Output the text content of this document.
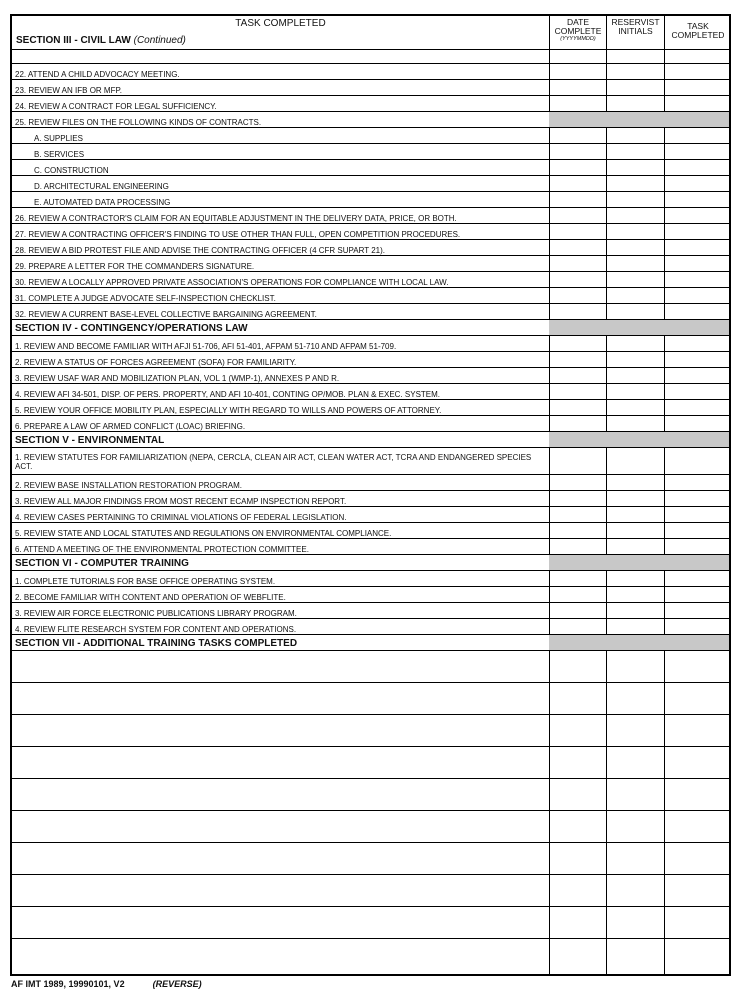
TASK COMPLETED
SECTION III - CIVIL LAW (Continued)
DATE COMPLETE
(YYYYMMDD)
RESERVIST INITIALS	TASK COMPLETED
22. ATTEND A CHILD ADVOCACY MEETING.
23. REVIEW AN IFB OR MFP.
24. REVIEW A CONTRACT FOR LEGAL SUFFICIENCY.
25. REVIEW FILES ON THE FOLLOWING KINDS OF CONTRACTS.
A. SUPPLIES
B. SERVICES
C. CONSTRUCTION
D. ARCHITECTURAL ENGINEERING
E. AUTOMATED DATA PROCESSING
26. REVIEW A CONTRACTOR'S CLAIM FOR AN EQUITABLE ADJUSTMENT IN THE DELIVERY DATA, PRICE, OR BOTH.
27. REVIEW A CONTRACTING OFFICER'S FINDING TO USE OTHER THAN FULL, OPEN COMPETITION PROCEDURES.
28. REVIEW A BID PROTEST FILE AND ADVISE THE CONTRACTING OFFICER (4 CFR SUPART 21).
29. PREPARE A LETTER FOR THE COMMANDERS SIGNATURE.
30. REVIEW A LOCALLY APPROVED PRIVATE ASSOCIATION'S OPERATIONS FOR COMPLIANCE WITH LOCAL LAW.
31. COMPLETE A JUDGE ADVOCATE SELF-INSPECTION CHECKLIST.
32. REVIEW A CURRENT BASE-LEVEL COLLECTIVE BARGAINING AGREEMENT.
SECTION IV - CONTINGENCY/OPERATIONS LAW
1. REVIEW AND BECOME FAMILIAR WITH AFJI 51-706, AFI 51-401, AFPAM 51-710 AND AFPAM 51-709.
2. REVIEW A STATUS OF FORCES AGREEMENT (SOFA) FOR FAMILIARITY.
3. REVIEW USAF WAR AND MOBILIZATION PLAN, VOL 1 (WMP-1), ANNEXES P AND R.
4. REVIEW AFI 34-501, DISP. OF PERS. PROPERTY, AND AFI 10-401, CONTING OP/MOB. PLAN & EXEC. SYSTEM.
5. REVIEW YOUR OFFICE MOBILITY PLAN, ESPECIALLY WITH REGARD TO WILLS AND POWERS OF ATTORNEY.
6. PREPARE A LAW OF ARMED CONFLICT (LOAC) BRIEFING.
SECTION V - ENVIRONMENTAL
1. REVIEW STATUTES FOR FAMILIARIZATION (NEPA, CERCLA, CLEAN AIR ACT, CLEAN WATER ACT, TCRA AND ENDANGERED SPECIES ACT.
2. REVIEW BASE INSTALLATION RESTORATION PROGRAM.
3. REVIEW ALL MAJOR FINDINGS FROM MOST RECENT ECAMP INSPECTION REPORT.
4. REVIEW CASES PERTAINING TO CRIMINAL VIOLATIONS OF FEDERAL LEGISLATION.
5. REVIEW STATE AND LOCAL STATUTES AND REGULATIONS ON ENVIRONMENTAL COMPLIANCE.
6. ATTEND A MEETING OF THE ENVIRONMENTAL PROTECTION COMMITTEE.
SECTION VI - COMPUTER TRAINING
1. COMPLETE TUTORIALS FOR BASE OFFICE OPERATING SYSTEM.
2. BECOME FAMILIAR WITH CONTENT AND OPERATION OF WEBFLITE.
3. REVIEW AIR FORCE ELECTRONIC PUBLICATIONS LIBRARY PROGRAM.
4. REVIEW FLITE RESEARCH SYSTEM FOR CONTENT AND OPERATIONS.
SECTION VII - ADDITIONAL TRAINING TASKS COMPLETED
AF IMT 1989, 19990101, V2	(REVERSE)
